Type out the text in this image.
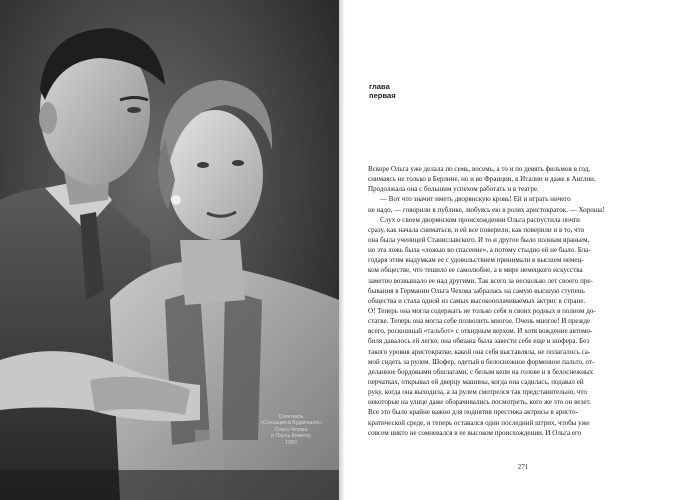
Спектакль
«Сенсация в Будапеште»
Ольга Чехова
и Пауль Клингер
1950
глава
первая
Вскоре Ольга уже делала по семь, восемь, а то и по девять фильмов в год,
снимаясь не только в Берлине, но и во Франции, в Италии и даже в Англии.
Продолжала она с большим успехом работать и в театре.
— Вот что значит иметь дворянскую кровь! Ей и играть ничего
не надо, — говорили в публике, любуясь ею в ролях аристократок. — Хороша!
Слух о своем дворянском происхождении Ольга распустила почти
сразу, как начала сниматься, и ей все поверили, как поверили и в то, что
она была ученицей Станиславского. И то и другое было полным враньем,
но эта ложь была «ложью во спасение», а потому стыдно ей не было. Бла-
годаря этим выдумкам ее с удовольствием принимали в высшем немец-
ком обществе, что тешило ее самолюбие, а в мире немецкого искусства
заметно возвышало ее над другими. Так всего за несколько лет своего пре-
бывания в Германии Ольга Чехова забралась на самую высшую ступень
общества и стала одной из самых высокооплачиваемых актрис в стране.
О! Теперь она могла содержать не только себя и своих родных в полном до-
статке. Теперь она могла себе позволить многое. Очень многое! И прежде
всего, роскошный «тальбот» с откидным верхом. И хотя вождение автомо-
биля давалось ей легко, она обязана была завести себе еще и шофера. Без
такого уровня аристократке, какой она себя выставляла, не полагалось са-
мой сидеть за рулем. Шофер, одетый в белоснежное форменное пальто, от-
деланное бордовыми обшлагами, с белым кепи на голове и в белоснежных
перчатках, открывал ей дверцу машины, когда она садилась, подавал ей
руку, когда она выходила, а за рулем смотрелся так представительно, что
некоторые на улице даже оборачивались посмотреть, кого же это он везет.
Все это было крайне важно для поднятия престижа актрисы в аристо-
кратической среде, и теперь оставался один последний штрих, чтобы уже
совсем никто не сомневался в ее высоком происхождении. И Ольга его
271
